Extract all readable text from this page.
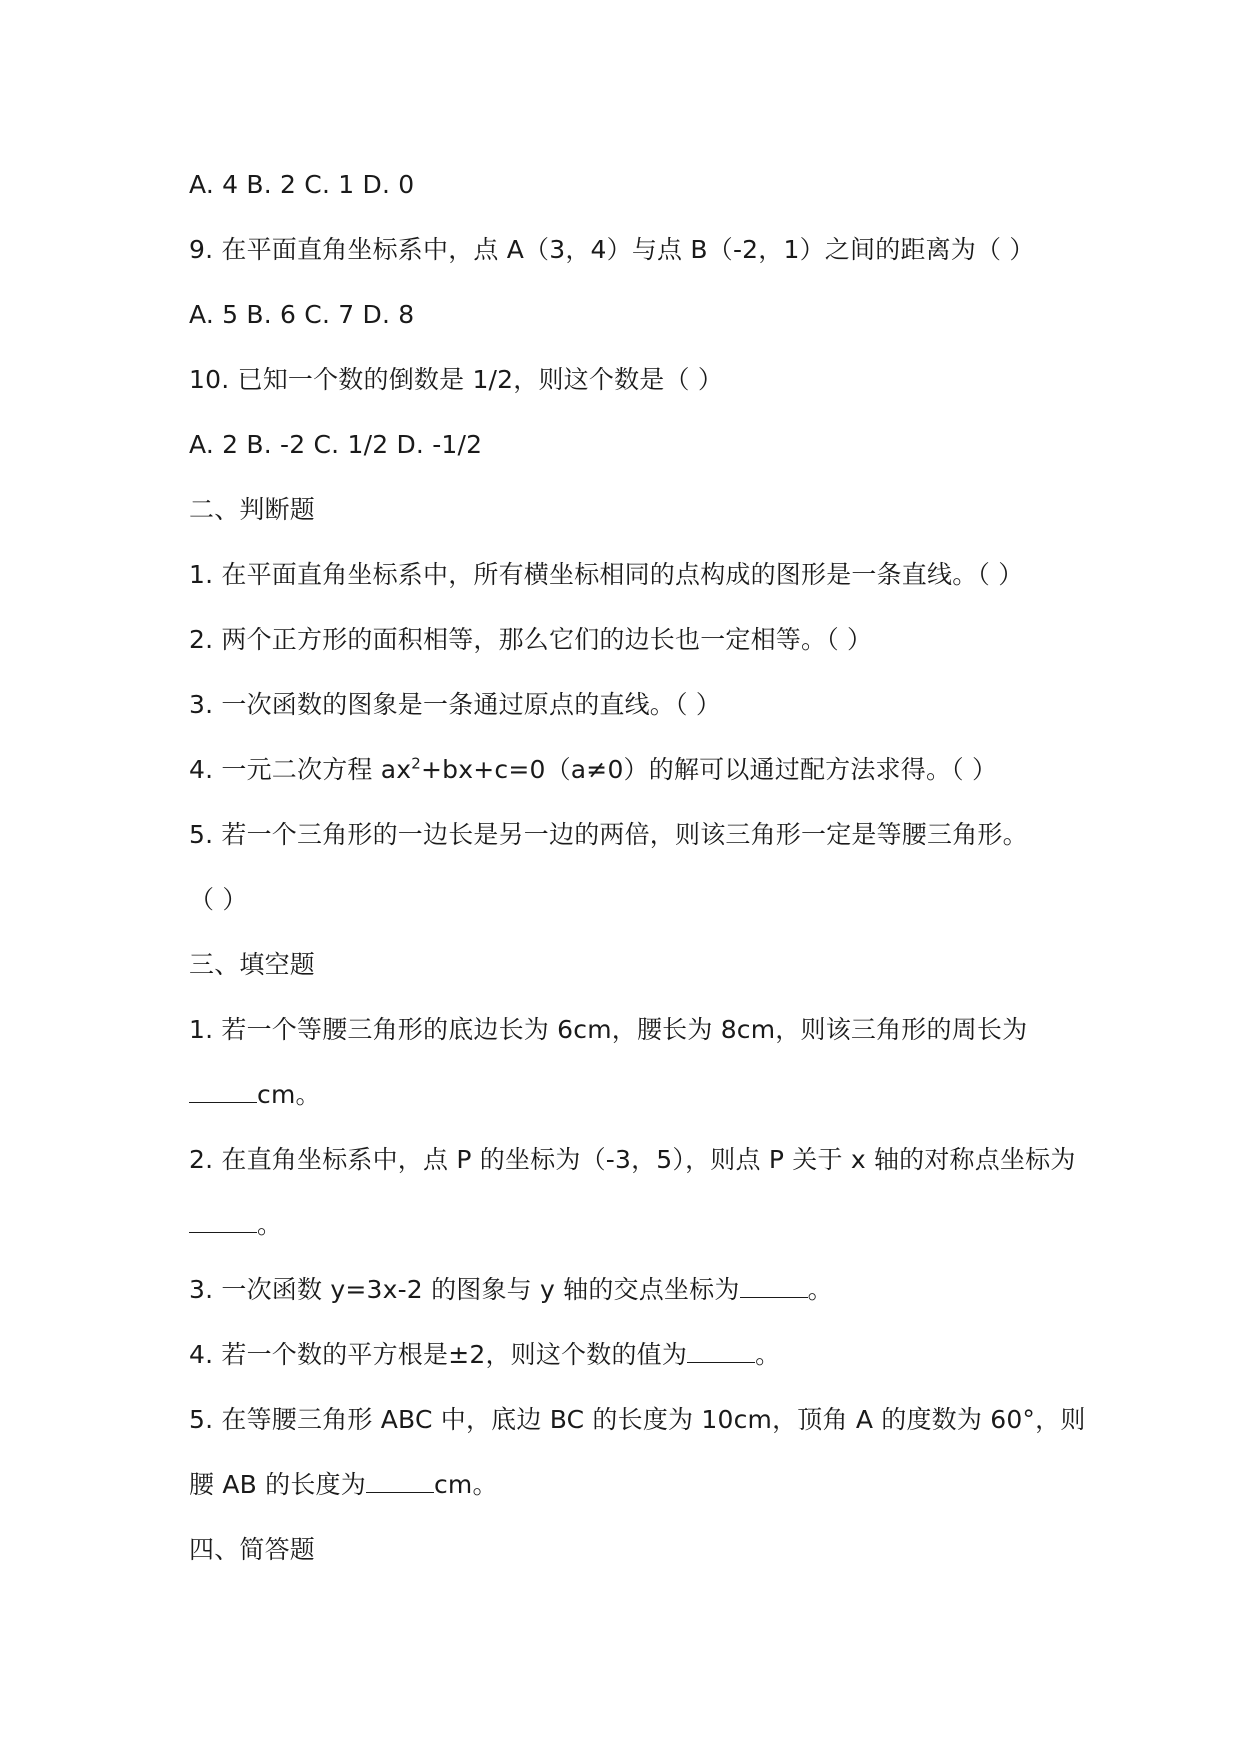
A. 4 B. 2 C. 1 D. 0
9. 在平面直角坐标系中，点 A（3，4）与点 B（-2，1）之间的距离为（ ）
A. 5 B. 6 C. 7 D. 8
10. 已知一个数的倒数是 1/2，则这个数是（ ）
A. 2 B. -2 C. 1/2 D. -1/2
二、判断题
1. 在平面直角坐标系中，所有横坐标相同的点构成的图形是一条直线。（ ）
2. 两个正方形的面积相等，那么它们的边长也一定相等。（ ）
3. 一次函数的图象是一条通过原点的直线。（ ）
4. 一元二次方程 $ax^2+bx+c=0(a\ne 0)$的解可以通过配方法求得。（ ）
5. 若一个三角形的一边长是另一边的两倍，则该三角形一定是等腰三角形。
（ ）
三、填空题
1. 若一个等腰三角形的底边长为 6cm，腰长为 8cm，则该三角形的周长为
cm。
2. 在直角坐标系中，点 P 的坐标为（-3，5），则点 P 关于 x 轴的对称点坐标为
。
3. 一次函数 y=3x-2 的图象与 y 轴的交点坐标为	。
4. 若一个数的平方根是±2，则这个数的值为	。
5. 在等腰三角形 ABC 中，底边 BC 的长度为 10cm，顶角 A 的度数为 60°，则
腰 AB 的长度为	cm。
四、简答题
